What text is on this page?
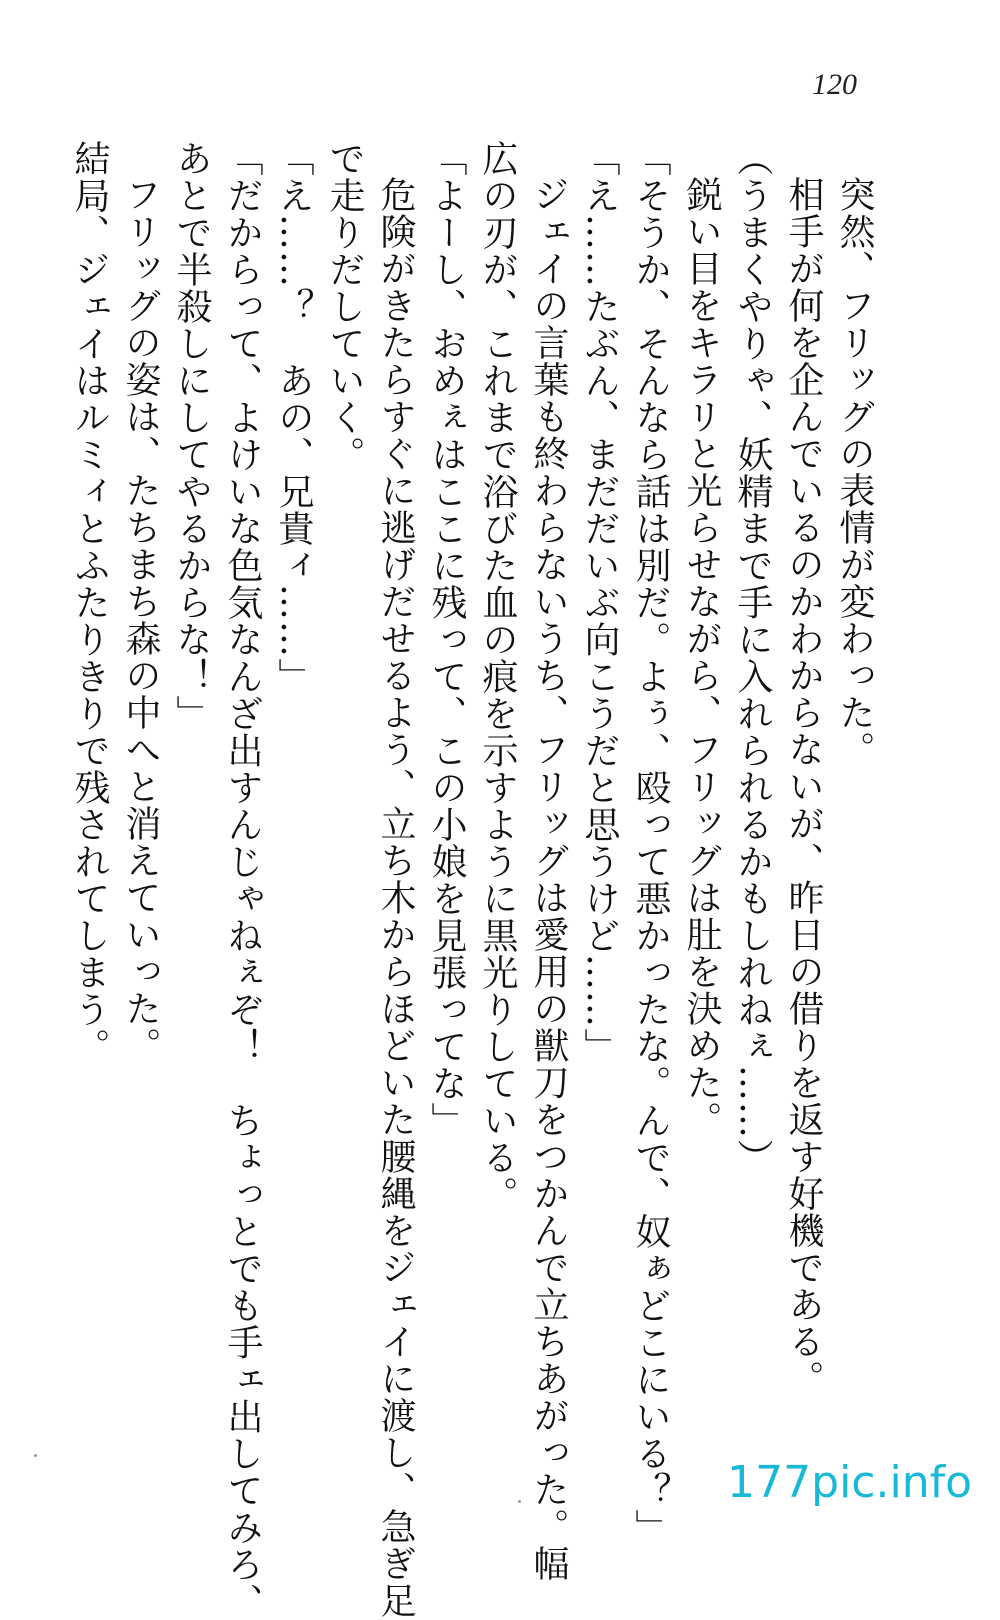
120
突然、フリッグの表情が変わった。
相手が何を企んでいるのかわからないが、昨日の借りを返す好機である。
（うまくやりゃ、妖精まで手に入れられるかもしれねぇ……）
鋭い目をキラリと光らせながら、フリッグは肚を決めた。
「そうか、そんなら話は別だ。よぅ、殴って悪かったな。んで、奴ぁどこにいる？」
「え……たぶん、まだだいぶ向こうだと思うけど……」
ジェイの言葉も終わらないうち、フリッグは愛用の獣刀をつかんで立ちあがった。幅
広の刃が、これまで浴びた血の痕を示すように黒光りしている。
「よーし、おめぇはここに残って、この小娘を見張ってな」
危険がきたらすぐに逃げだせるよう、立ち木からほどいた腰縄をジェイに渡し、急ぎ足
で走りだしていく。
「え……？　あの、兄貴ィ……」
「だからって、よけいな色気なんざ出すんじゃねぇぞ！　ちょっとでも手ェ出してみろ、
あとで半殺しにしてやるからな！」
フリッグの姿は、たちまち森の中へと消えていった。
結局、ジェイはルミィとふたりきりで残されてしまう。
177pic.info
